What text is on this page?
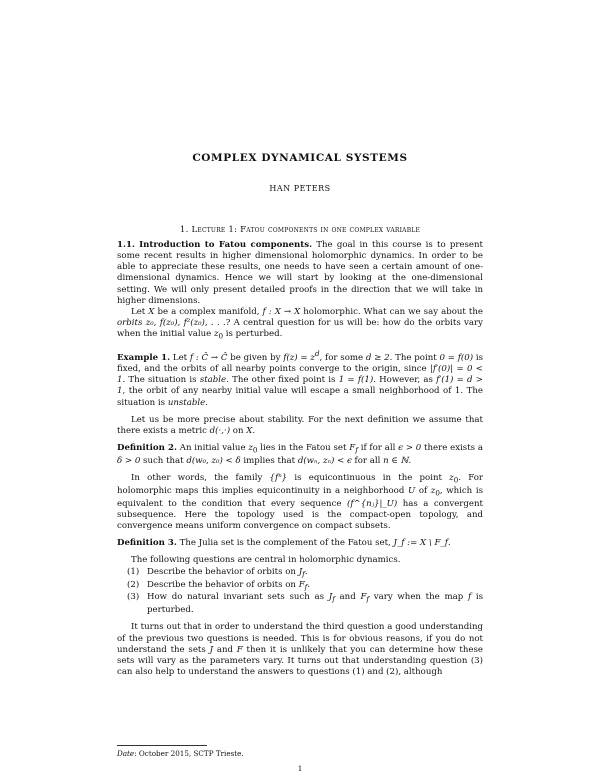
COMPLEX DYNAMICAL SYSTEMS
HAN PETERS
1. Lecture 1: Fatou components in one complex variable

1.1. Introduction to Fatou components. The goal in this course is to present some recent results in higher dimensional holomorphic dynamics. In order to be able to appreciate these results, one needs to have seen a certain amount of one-dimensional dynamics. Hence we will start by looking at the one-dimensional setting. We will only present detailed proofs in the direction that we will take in higher dimensions.

Let X be a complex manifold, f : X → X holomorphic. What can we say about the orbits z₀, f(z₀), f²(z₀), . . .? A central question for us will be: how do the orbits vary when the initial value $z_0$ is perturbed.

Example 1. Let f : Ĉ → Ĉ be given by $f(z) = z^d$, for some d ≥ 2. The point 0 = f(0) is fixed, and the orbits of all nearby points converge to the origin, since |f′(0)| = 0 < 1. The situation is stable. The other fixed point is 1 = f(1). However, as f′(1) = d > 1, the orbit of any nearby initial value will escape a small neighborhood of 1. The situation is unstable.

Let us be more precise about stability. For the next definition we assume that there exists a metric d(·,·) on X.

Definition 2. An initial value $z_0$ lies in the Fatou set $F_f$ if for all ϵ > 0 there exists a δ > 0 such that d(w₀, z₀) < δ implies that d(wₙ, zₙ) < ϵ for all n ∈ ℕ.

In other words, the family {fⁿ} is equicontinuous in the point $z_0$. For holomorphic maps this implies equicontinuity in a neighborhood U of $z_0$, which is equivalent to the condition that every sequence (f^{nⱼ}|_U) has a convergent subsequence. Here the topology used is the compact-open topology, and convergence means uniform convergence on compact subsets.

Definition 3. The Julia set is the complement of the Fatou set, J_f := X \ F_f.

The following questions are central in holomorphic dynamics.

(1) Describe the behavior of orbits on $J_f$.
(2) Describe the behavior of orbits on $F_f$.
(3) How do natural invariant sets such as $J_f$ and $F_f$ vary when the map f is perturbed.

It turns out that in order to understand the third question a good understanding of the previous two questions is needed. This is for obvious reasons, if you do not understand the sets J and F then it is unlikely that you can determine how these sets will vary as the parameters vary. It turns out that understanding question (3) can also help to understand the answers to questions (1) and (2), although

Date: October 2015, SCTP Trieste.
1
